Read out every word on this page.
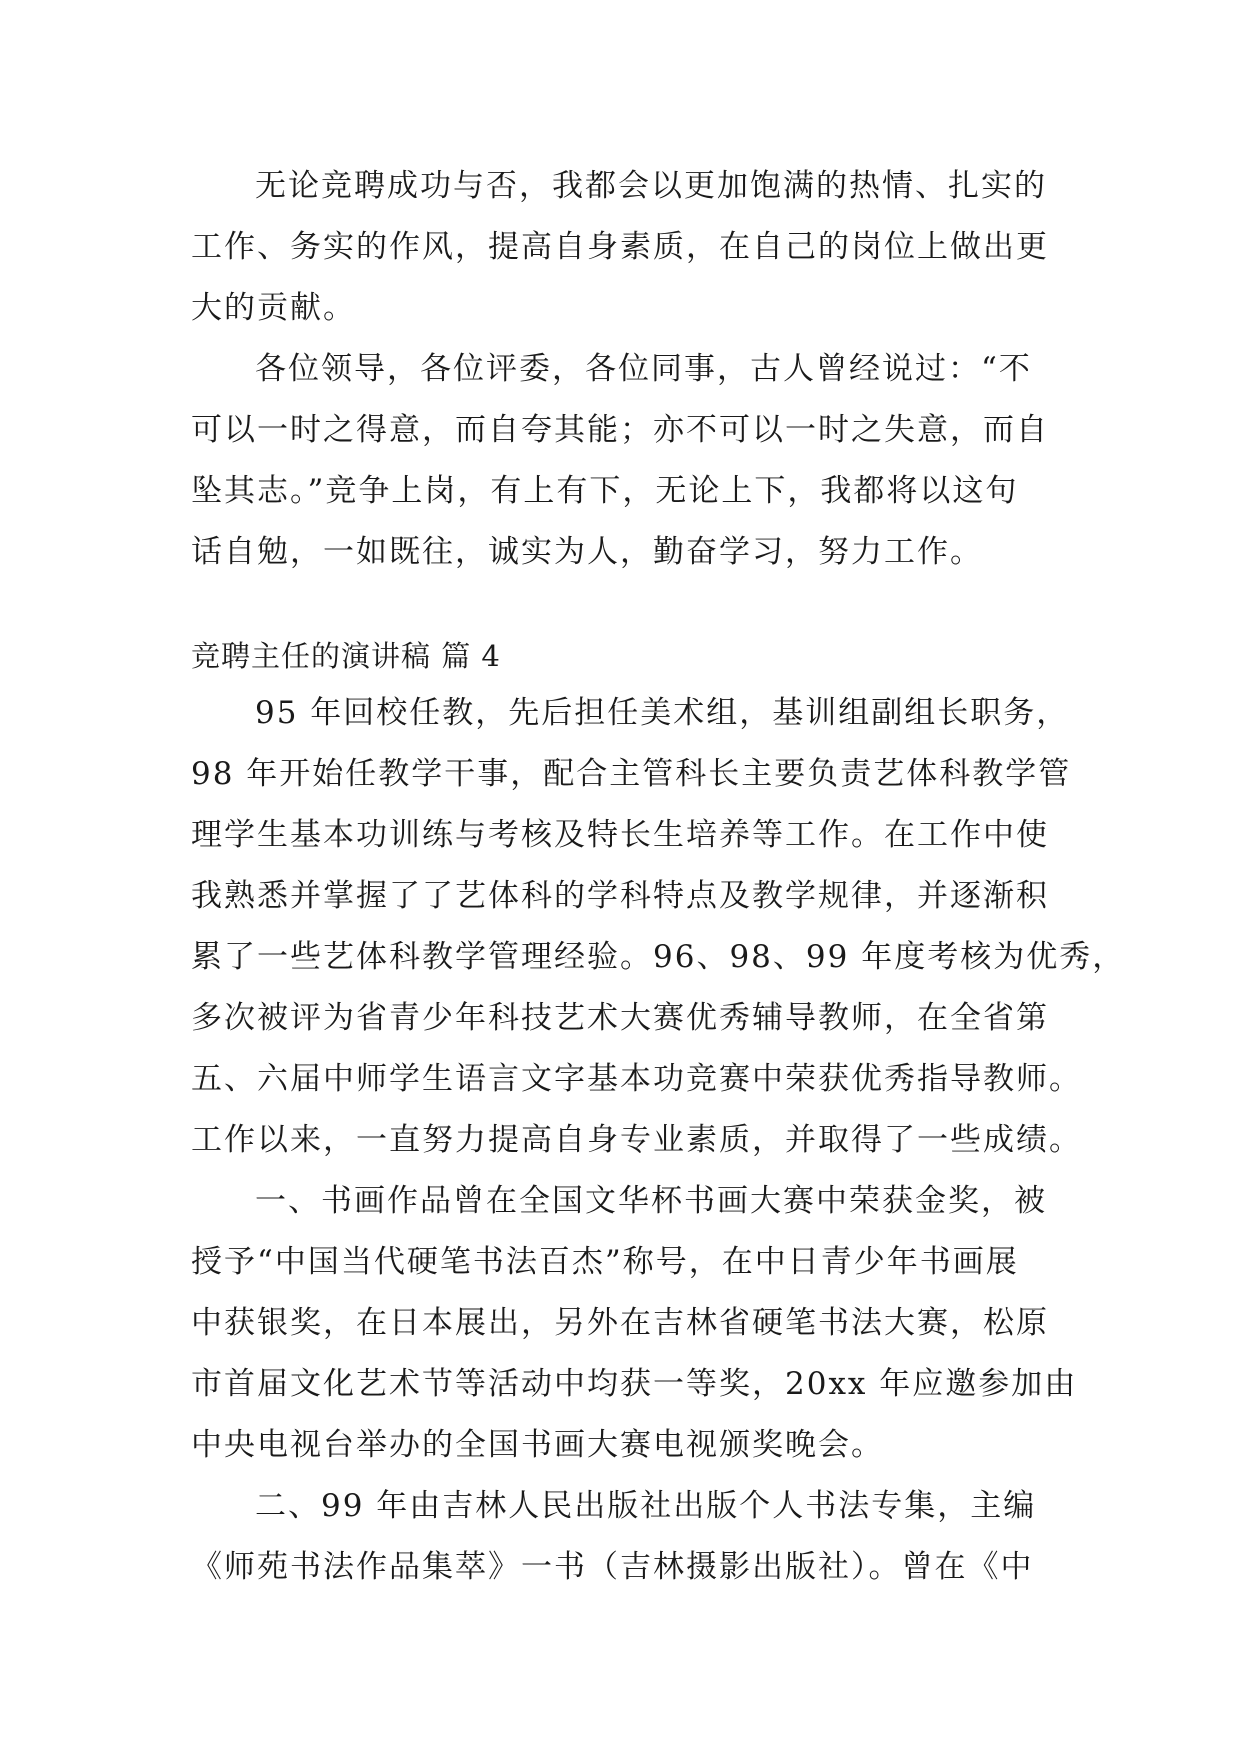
无论竞聘成功与否，我都会以更加饱满的热情、扎实的
工作、务实的作风，提高自身素质，在自己的岗位上做出更
大的贡献。
各位领导，各位评委，各位同事，古人曾经说过：“不
可以一时之得意，而自夸其能；亦不可以一时之失意，而自
坠其志。”竞争上岗，有上有下，无论上下，我都将以这句
话自勉，一如既往，诚实为人，勤奋学习，努力工作。
竞聘主任的演讲稿 篇 4
95 年回校任教，先后担任美术组，基训组副组长职务，
98 年开始任教学干事，配合主管科长主要负责艺体科教学管
理学生基本功训练与考核及特长生培养等工作。在工作中使
我熟悉并掌握了了艺体科的学科特点及教学规律，并逐渐积
累了一些艺体科教学管理经验。96、98、99 年度考核为优秀，
多次被评为省青少年科技艺术大赛优秀辅导教师，在全省第
五、六届中师学生语言文字基本功竞赛中荣获优秀指导教师。
工作以来，一直努力提高自身专业素质，并取得了一些成绩。
一、书画作品曾在全国文华杯书画大赛中荣获金奖，被
授予“中国当代硬笔书法百杰”称号，在中日青少年书画展
中获银奖，在日本展出，另外在吉林省硬笔书法大赛，松原
市首届文化艺术节等活动中均获一等奖，20xx 年应邀参加由
中央电视台举办的全国书画大赛电视颁奖晚会。
二、99 年由吉林人民出版社出版个人书法专集，主编
《师苑书法作品集萃》一书（吉林摄影出版社）。曾在《中
